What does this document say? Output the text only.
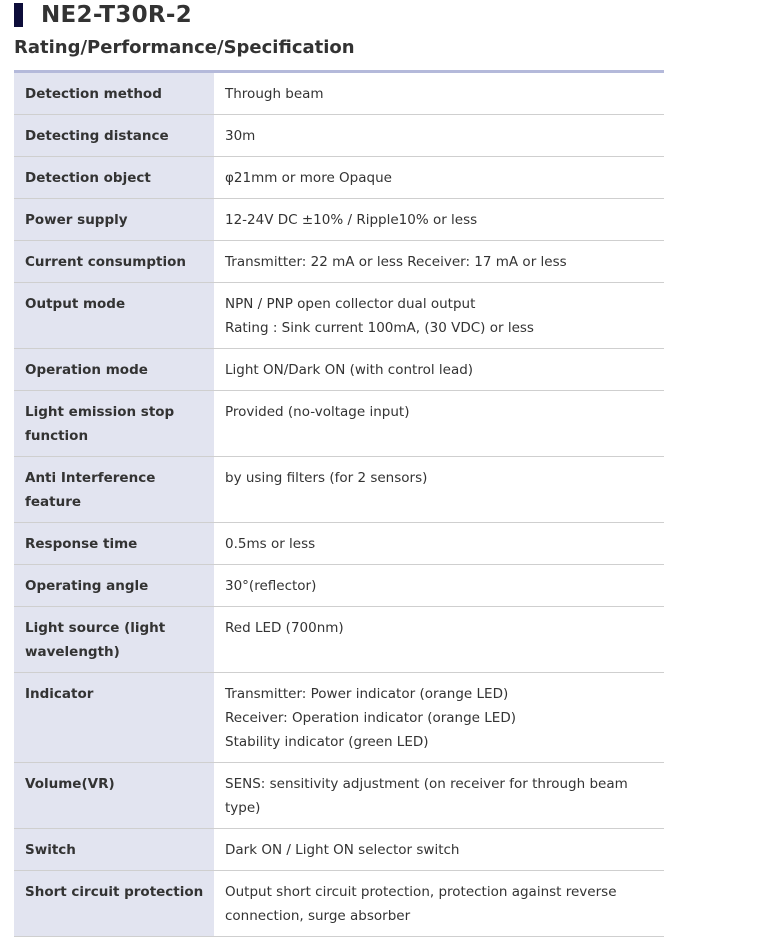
NE2-T30R-2
Rating/Performance/Specification
Detection method	Through beam

Detecting distance	30m

Detection object	φ21mm or more Opaque

Power supply	12-24V DC ±10% / Ripple10% or less

Current consumption	Transmitter: 22 mA or less Receiver: 17 mA or less

Output mode	NPN / PNP open collector dual output
Rating : Sink current 100mA, (30 VDC) or less

Operation mode	Light ON/Dark ON (with control lead)

Light emission stop function	Provided (no-voltage input)

Anti Interference feature	by using filters (for 2 sensors)

Response time	0.5ms or less

Operating angle	30°(reflector)

Light source (light wavelength)	Red LED (700nm)

Indicator	Transmitter: Power indicator (orange LED)
Receiver: Operation indicator (orange LED)
Stability indicator (green LED)

Volume(VR)	SENS: sensitivity adjustment (on receiver for through beam type)

Switch	Dark ON / Light ON selector switch

Short circuit protection	Output short circuit protection, protection against reverse connection, surge absorber
